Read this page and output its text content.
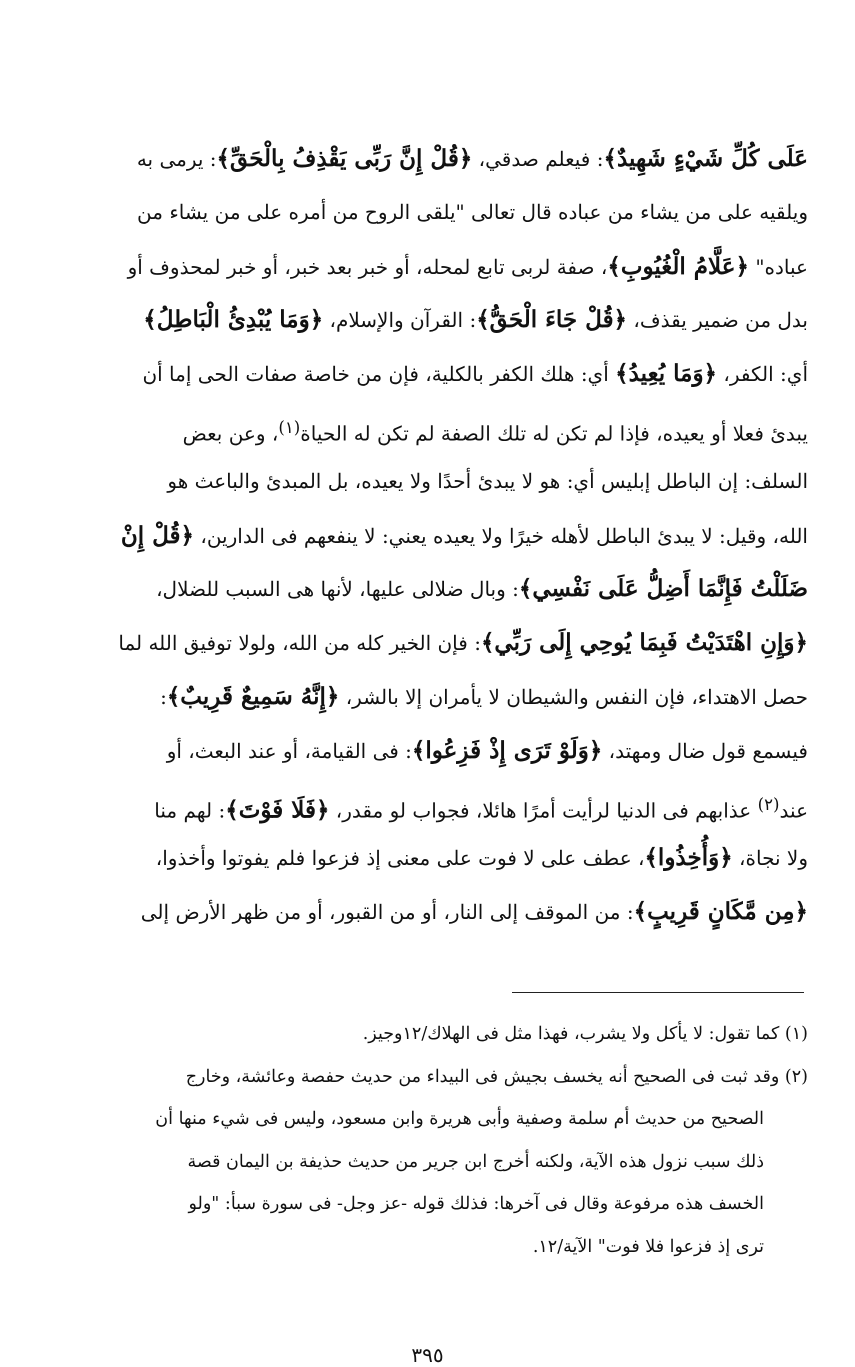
عَلَى كُلِّ شَيْءٍ شَهِيدٌ﴾: فيعلم صدقي، ﴿قُلْ إِنَّ رَبِّى يَقْذِفُ بِالْحَقِّ﴾: يرمى به
ويلقيه على من يشاء من عباده قال تعالى "يلقى الروح من أمره على من يشاء من
عباده" ﴿عَلَّامُ الْغُيُوبِ﴾، صفة لربى تابع لمحله، أو خبر بعد خبر، أو خبر لمحذوف أو
بدل من ضمير يقذف، ﴿قُلْ جَاءَ الْحَقُّ﴾: القرآن والإسلام، ﴿وَمَا يُبْدِئُ الْبَاطِلُ﴾
أي: الكفر، ﴿وَمَا يُعِيدُ﴾ أي: هلك الكفر بالكلية، فإن من خاصة صفات الحى إما أن
يبدئ فعلا أو يعيده، فإذا لم تكن له تلك الصفة لم تكن له الحياة$^{(١)}$، وعن بعض
السلف: إن الباطل إبليس أي: هو لا يبدئ أحدًا ولا يعيده، بل المبدئ والباعث هو
الله، وقيل: لا يبدئ الباطل لأهله خيرًا ولا يعيده يعني: لا ينفعهم فى الدارين، ﴿قُلْ إِنْ
ضَلَلْتُ فَإِنَّمَا أَضِلُّ عَلَى نَفْسِي﴾: وبال ضلالى عليها، لأنها هى السبب للضلال،
﴿وَإِنِ اهْتَدَيْتُ فَبِمَا يُوحِي إِلَى رَبِّي﴾: فإن الخير كله من الله، ولولا توفيق الله لما
حصل الاهتداء، فإن النفس والشيطان لا يأمران إلا بالشر، ﴿إِنَّهُ سَمِيعٌ قَرِيبٌ﴾:
فيسمع قول ضال ومهتد، ﴿وَلَوْ تَرَى إِذْ فَزِعُوا﴾: فى القيامة، أو عند البعث، أو
عند$^{(٢)}$ عذابهم فى الدنيا لرأيت أمرًا هائلا، فجواب لو مقدر، ﴿فَلَا فَوْتَ﴾: لهم منا
ولا نجاة، ﴿وَأُخِذُوا﴾، عطف على لا فوت على معنى إذ فزعوا فلم يفوتوا وأخذوا،
﴿مِن مَّكَانٍ قَرِيبٍ﴾: من الموقف إلى النار، أو من القبور، أو من ظهر الأرض إلى
(١) كما تقول: لا يأكل ولا يشرب، فهذا مثل فى الهلاك/١٢وجيز.
(٢) وقد ثبت فى الصحيح أنه يخسف بجيش فى البيداء من حديث حفصة وعائشة، وخارج
الصحيح من حديث أم سلمة وصفية وأبى هريرة وابن مسعود، وليس فى شيء منها أن
ذلك سبب نزول هذه الآية، ولكنه أخرج ابن جرير من حديث حذيفة بن اليمان قصة
الخسف هذه مرفوعة وقال فى آخرها: فذلك قوله -عز وجل- فى سورة سبأ: "ولو
ترى إذ فزعوا فلا فوت" الآية/١٢.
٣٩٥
